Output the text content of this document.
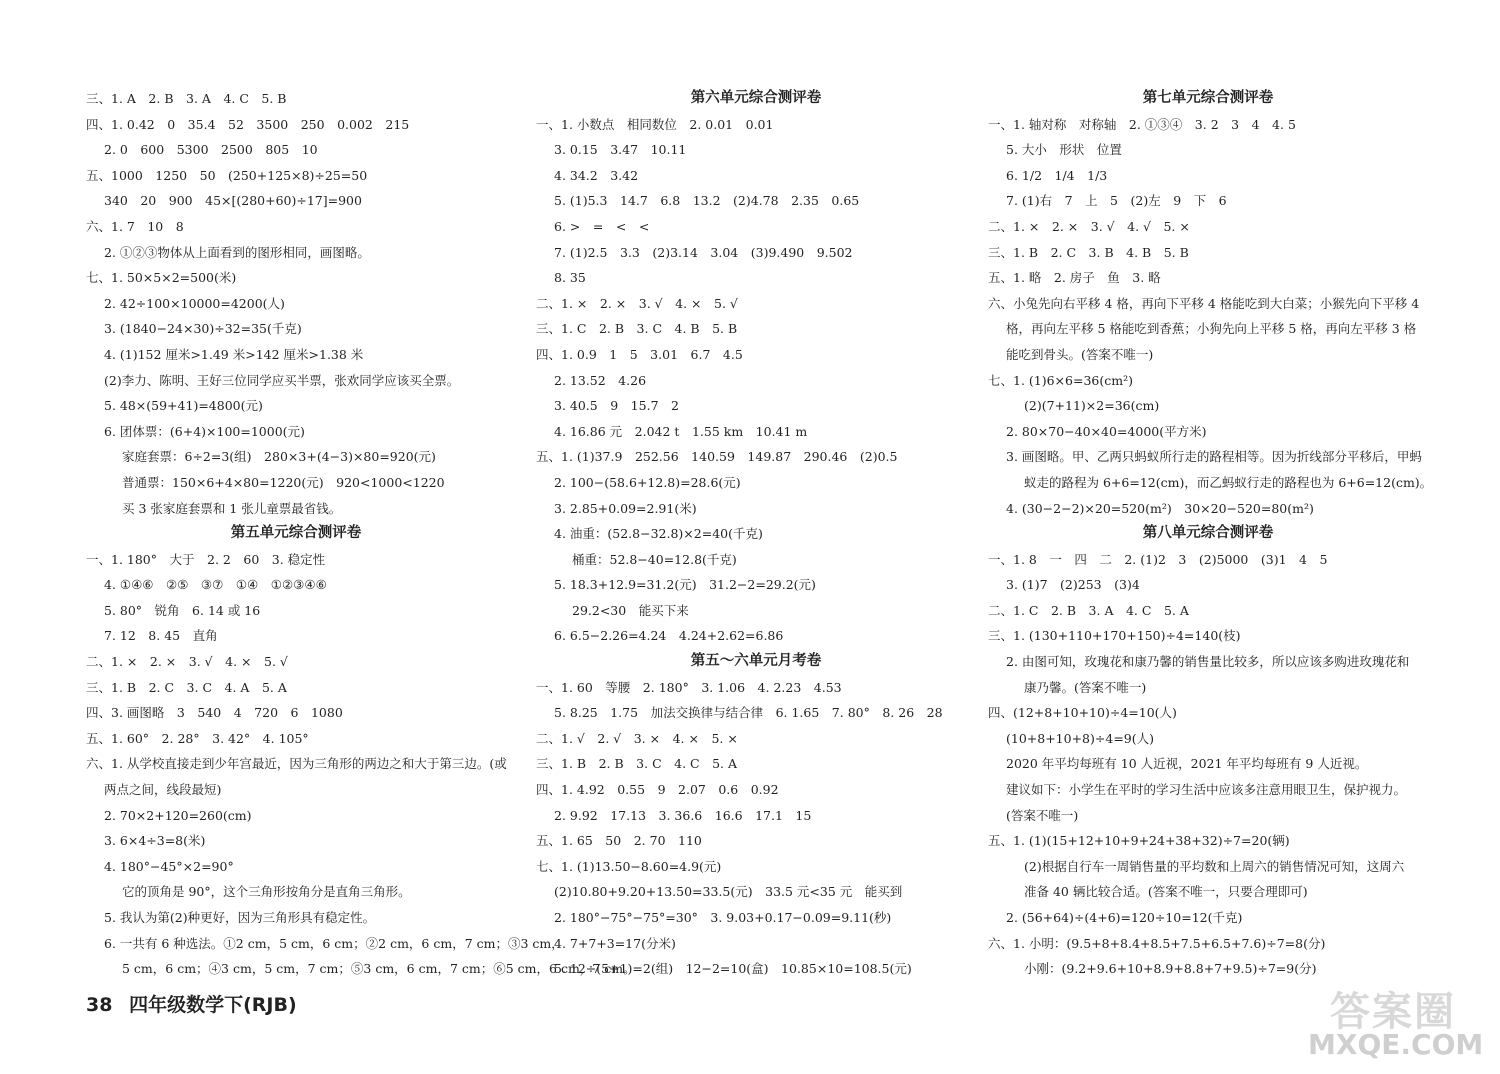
三、1. A　2. B　3. A　4. C　5. B
四、1. 0.42　0　35.4　52　3500　250　0.002　215
2. 0　600　5300　2500　805　10
五、1000　1250　50　(250+125×8)÷25=50
340　20　900　45×[(280+60)÷17]=900
六、1. 7　10　8
2. ①②③物体从上面看到的图形相同，画图略。
七、1. 50×5×2=500(米)
2. 42÷100×10000=4200(人)
3. (1840−24×30)÷32=35(千克)
4. (1)152 厘米>1.49 米>142 厘米>1.38 米
(2)李力、陈明、王好三位同学应买半票，张欢同学应该买全票。
5. 48×(59+41)=4800(元)
6. 团体票：(6+4)×100=1000(元)
家庭套票：6÷2=3(组)　280×3+(4−3)×80=920(元)
普通票：150×6+4×80=1220(元)　920<1000<1220
买 3 张家庭套票和 1 张儿童票最省钱。
第五单元综合测评卷
一、1. 180°　大于　2. 2　60　3. 稳定性
4. ①④⑥　②⑤　③⑦　①④　①②③④⑥
5. 80°　锐角　6. 14 或 16
7. 12　8. 45　直角
二、1. ×　2. ×　3. √　4. ×　5. √
三、1. B　2. C　3. C　4. A　5. A
四、3. 画图略　3　540　4　720　6　1080
五、1. 60°　2. 28°　3. 42°　4. 105°
六、1. 从学校直接走到少年宫最近，因为三角形的两边之和大于第三边。(或
两点之间，线段最短)
2. 70×2+120=260(cm)
3. 6×4÷3=8(米)
4. 180°−45°×2=90°
它的顶角是 90°，这个三角形按角分是直角三角形。
5. 我认为第(2)种更好，因为三角形具有稳定性。
6. 一共有 6 种选法。①2 cm，5 cm，6 cm；②2 cm，6 cm，7 cm；③3 cm，
5 cm，6 cm；④3 cm，5 cm，7 cm；⑤3 cm，6 cm，7 cm；⑥5 cm，6 cm，7 cm。
第六单元综合测评卷
一、1. 小数点　相同数位　2. 0.01　0.01
3. 0.15　3.47　10.11
4. 34.2　3.42
5. (1)5.3　14.7　6.8　13.2　(2)4.78　2.35　0.65
6. >　=　<　<
7. (1)2.5　3.3　(2)3.14　3.04　(3)9.490　9.502
8. 35
二、1. ×　2. ×　3. √　4. ×　5. √
三、1. C　2. B　3. C　4. B　5. B
四、1. 0.9　1　5　3.01　6.7　4.5
2. 13.52　4.26
3. 40.5　9　15.7　2
4. 16.86 元　2.042 t　1.55 km　10.41 m
五、1. (1)37.9　252.56　140.59　149.87　290.46　(2)0.5
2. 100−(58.6+12.8)=28.6(元)
3. 2.85+0.09=2.91(米)
4. 油重：(52.8−32.8)×2=40(千克)
桶重：52.8−40=12.8(千克)
5. 18.3+12.9=31.2(元)　31.2−2=29.2(元)
29.2<30　能买下来
6. 6.5−2.26=4.24　4.24+2.62=6.86
第五～六单元月考卷
一、1. 60　等腰　2. 180°　3. 1.06　4. 2.23　4.53
5. 8.25　1.75　加法交换律与结合律　6. 1.65　7. 80°　8. 26　28
二、1. √　2. √　3. ×　4. ×　5. ×
三、1. B　2. B　3. C　4. C　5. A
四、1. 4.92　0.55　9　2.07　0.6　0.92
2. 9.92　17.13　3. 36.6　16.6　17.1　15
五、1. 65　50　2. 70　110
七、1. (1)13.50−8.60=4.9(元)
(2)10.80+9.20+13.50=33.5(元)　33.5 元<35 元　能买到
2. 180°−75°−75°=30°　3. 9.03+0.17−0.09=9.11(秒)
4. 7+7+3=17(分米)
5. 12÷(5+1)=2(组)　12−2=10(盒)　10.85×10=108.5(元)
第七单元综合测评卷
一、1. 轴对称　对称轴　2. ①③④　3. 2　3　4　4. 5
5. 大小　形状　位置
6. 1/2　1/4　1/3
7. (1)右　7　上　5　(2)左　9　下　6
二、1. ×　2. ×　3. √　4. √　5. ×
三、1. B　2. C　3. B　4. B　5. B
五、1. 略　2. 房子　鱼　3. 略
六、小兔先向右平移 4 格，再向下平移 4 格能吃到大白菜；小猴先向下平移 4
格，再向左平移 5 格能吃到香蕉；小狗先向上平移 5 格，再向左平移 3 格
能吃到骨头。(答案不唯一)
七、1. (1)6×6=36(cm²)
(2)(7+11)×2=36(cm)
2. 80×70−40×40=4000(平方米)
3. 画图略。甲、乙两只蚂蚁所行走的路程相等。因为折线部分平移后，甲蚂
蚁走的路程为 6+6=12(cm)，而乙蚂蚁行走的路程也为 6+6=12(cm)。
4. (30−2−2)×20=520(m²)　30×20−520=80(m²)
第八单元综合测评卷
一、1. 8　一　四　二　2. (1)2　3　(2)5000　(3)1　4　5
3. (1)7　(2)253　(3)4
二、1. C　2. B　3. A　4. C　5. A
三、1. (130+110+170+150)÷4=140(枝)
2. 由图可知，玫瑰花和康乃馨的销售量比较多，所以应该多购进玫瑰花和
康乃馨。(答案不唯一)
四、(12+8+10+10)÷4=10(人)
(10+8+10+8)÷4=9(人)
2020 年平均每班有 10 人近视，2021 年平均每班有 9 人近视。
建议如下：小学生在平时的学习生活中应该多注意用眼卫生，保护视力。
(答案不唯一)
五、1. (1)(15+12+10+9+24+38+32)÷7=20(辆)
(2)根据自行车一周销售量的平均数和上周六的销售情况可知，这周六
准备 40 辆比较合适。(答案不唯一，只要合理即可)
2. (56+64)÷(4+6)=120÷10=12(千克)
六、1. 小明：(9.5+8+8.4+8.5+7.5+6.5+7.6)÷7=8(分)
小刚：(9.2+9.6+10+8.9+8.8+7+9.5)÷7=9(分)
38 四年级数学下(RJB)	答案圈
MXQE.COM
